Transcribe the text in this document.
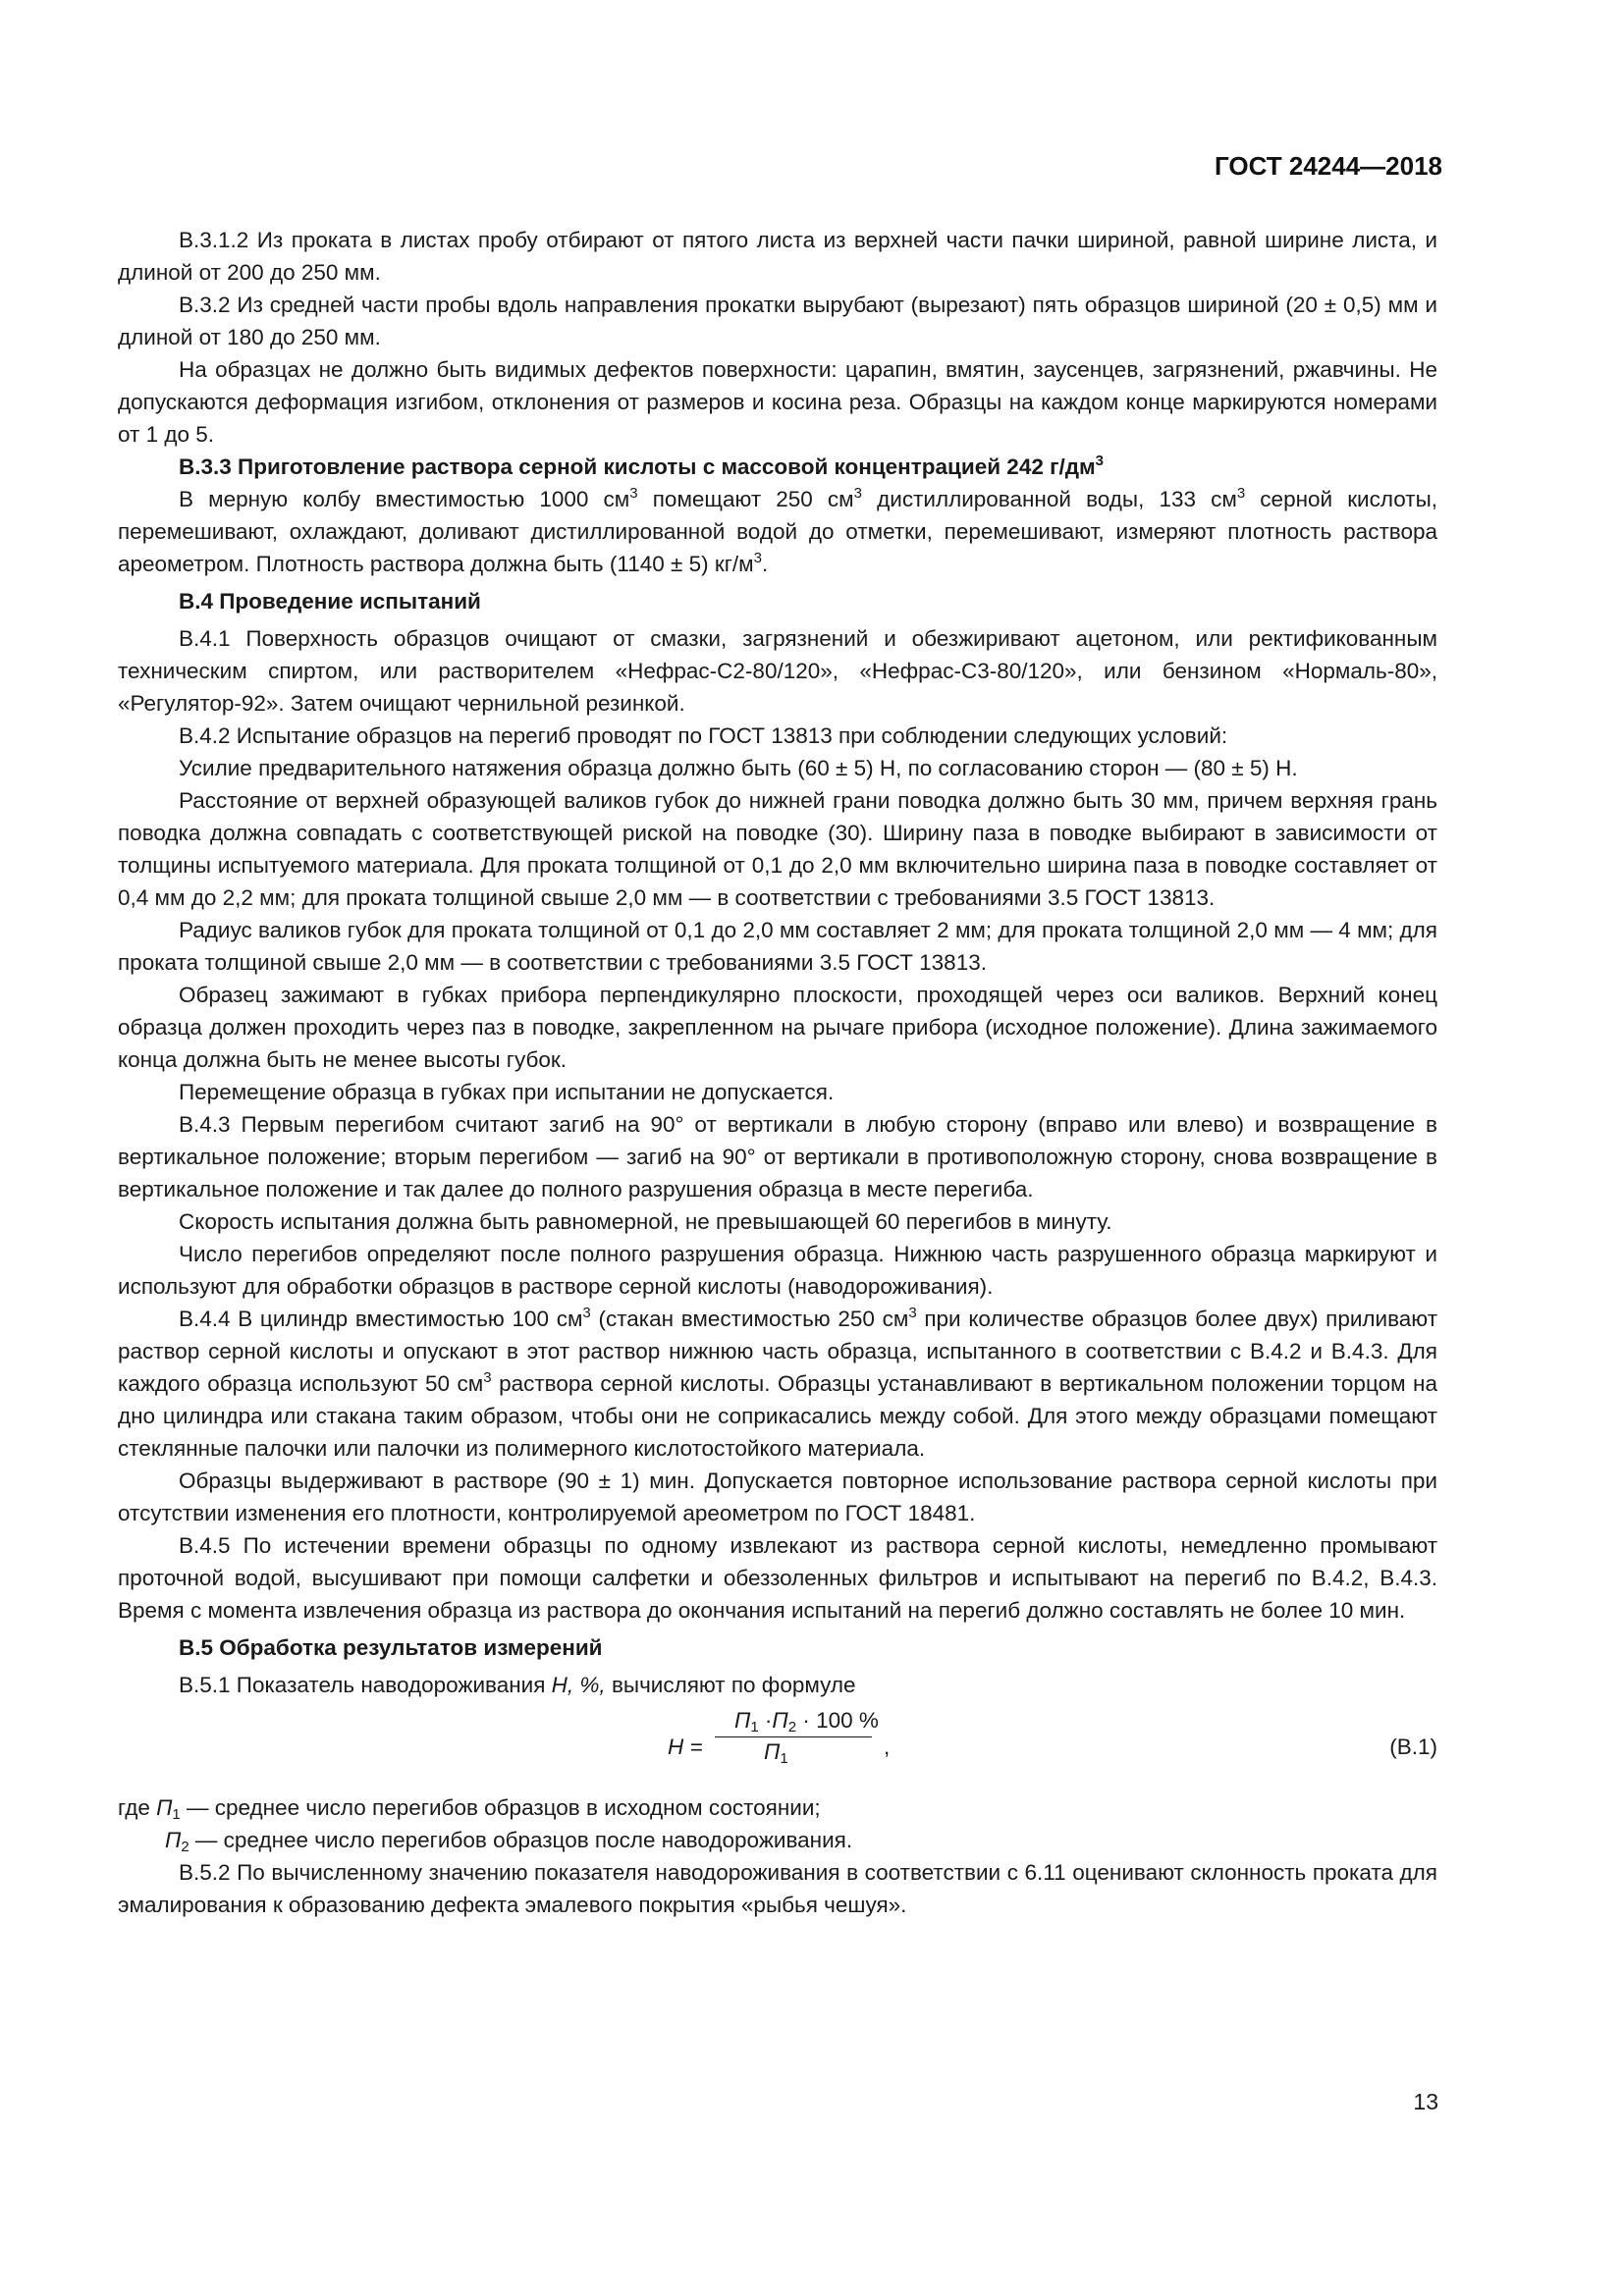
ГОСТ 24244—2018

В.3.1.2 Из проката в листах пробу отбирают от пятого листа из верхней части пачки шириной, равной ширине листа, и длиной от 200 до 250 мм.

В.3.2 Из средней части пробы вдоль направления прокатки вырубают (вырезают) пять образцов шириной (20 ± 0,5) мм и длиной от 180 до 250 мм.

На образцах не должно быть видимых дефектов поверхности: царапин, вмятин, заусенцев, загрязнений, ржавчины. Не допускаются деформация изгибом, отклонения от размеров и косина реза. Образцы на каждом конце маркируются номерами от 1 до 5.

В.3.3 Приготовление раствора серной кислоты с массовой концентрацией 242 $г/дм^3$

В мерную колбу вместимостью 1000 $см^3$ помещают 250 $см^3$ дистиллированной воды, 133 $см^3$ серной кислоты, перемешивают, охлаждают, доливают дистиллированной водой до отметки, перемешивают, измеряют плотность раствора ареометром. Плотность раствора должна быть (1140 ± 5) $кг/м^3$.

В.4 Проведение испытаний

В.4.1 Поверхность образцов очищают от смазки, загрязнений и обезжиривают ацетоном, или ректификованным техническим спиртом, или растворителем «Нефрас-С2-80/120», «Нефрас-С3-80/120», или бензином «Нормаль-80», «Регулятор-92». Затем очищают чернильной резинкой.

В.4.2 Испытание образцов на перегиб проводят по ГОСТ 13813 при соблюдении следующих условий:

Усилие предварительного натяжения образца должно быть (60 ± 5) Н, по согласованию сторон — (80 ± 5) Н.

Расстояние от верхней образующей валиков губок до нижней грани поводка должно быть 30 мм, причем верхняя грань поводка должна совпадать с соответствующей риской на поводке (30). Ширину паза в поводке выбирают в зависимости от толщины испытуемого материала. Для проката толщиной от 0,1 до 2,0 мм включительно ширина паза в поводке составляет от 0,4 мм до 2,2 мм; для проката толщиной свыше 2,0 мм — в соответствии с требованиями 3.5 ГОСТ 13813.

Радиус валиков губок для проката толщиной от 0,1 до 2,0 мм составляет 2 мм; для проката толщиной 2,0 мм — 4 мм; для проката толщиной свыше 2,0 мм — в соответствии с требованиями 3.5 ГОСТ 13813.

Образец зажимают в губках прибора перпендикулярно плоскости, проходящей через оси валиков. Верхний конец образца должен проходить через паз в поводке, закрепленном на рычаге прибора (исходное положение). Длина зажимаемого конца должна быть не менее высоты губок.

Перемещение образца в губках при испытании не допускается.

В.4.3 Первым перегибом считают загиб на 90° от вертикали в любую сторону (вправо или влево) и возвращение в вертикальное положение; вторым перегибом — загиб на 90° от вертикали в противоположную сторону, снова возвращение в вертикальное положение и так далее до полного разрушения образца в месте перегиба.

Скорость испытания должна быть равномерной, не превышающей 60 перегибов в минуту.

Число перегибов определяют после полного разрушения образца. Нижнюю часть разрушенного образца маркируют и используют для обработки образцов в растворе серной кислоты (наводороживания).

В.4.4 В цилиндр вместимостью 100 $см^3$ (стакан вместимостью 250 $см^3$ при количестве образцов более двух) приливают раствор серной кислоты и опускают в этот раствор нижнюю часть образца, испытанного в соответствии с В.4.2 и В.4.3. Для каждого образца используют 50 $см^3$ раствора серной кислоты. Образцы устанавливают в вертикальном положении торцом на дно цилиндра или стакана таким образом, чтобы они не соприкасались между собой. Для этого между образцами помещают стеклянные палочки или палочки из полимерного кислотостойкого материала.

Образцы выдерживают в растворе (90 ± 1) мин. Допускается повторное использование раствора серной кислоты при отсутствии изменения его плотности, контролируемой ареометром по ГОСТ 18481.

В.4.5 По истечении времени образцы по одному извлекают из раствора серной кислоты, немедленно промывают проточной водой, высушивают при помощи салфетки и обеззоленных фильтров и испытывают на перегиб по В.4.2, В.4.3. Время с момента извлечения образца из раствора до окончания испытаний на перегиб должно составлять не более 10 мин.

В.5 Обработка результатов измерений

В.5.1 Показатель наводороживания Н, %, вычисляют по формуле

Н =
$П_1 \cdot П_2 \cdot 100$ %
$П_1$	,	(В.1)

где $П_1$ — среднее число перегибов образцов в исходном состоянии;

$П_2$ — среднее число перегибов образцов после наводороживания.

В.5.2 По вычисленному значению показателя наводороживания в соответствии с 6.11 оценивают склонность проката для эмалирования к образованию дефекта эмалевого покрытия «рыбья чешуя».

13
